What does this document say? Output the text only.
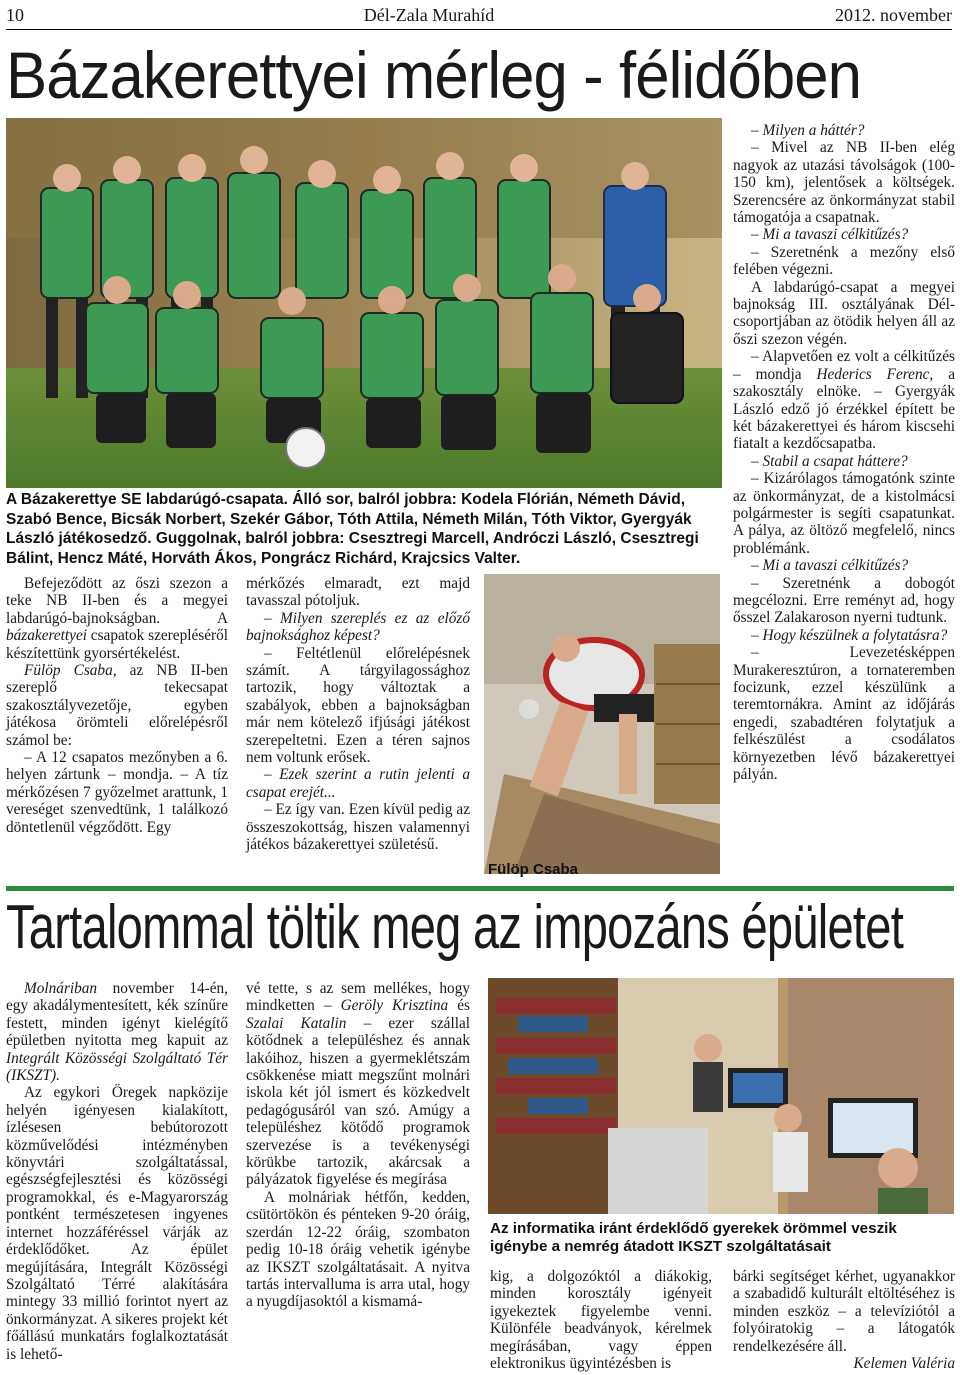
10	Dél-Zala Murahíd	2012. november
Bázakerettyei mérleg - félidőben
A Bázakerettye SE labdarúgó-csapata. Álló sor, balról jobbra: Kodela Flórián, Németh Dávid, Szabó Bence, Bicsák Norbert, Szekér Gábor, Tóth Attila, Németh Milán, Tóth Viktor, Gyergyák László játékosedző. Guggolnak, balról jobbra: Csesztregi Marcell, Andróczi László, Csesztregi Bálint, Hencz Máté, Horváth Ákos, Pongrácz Richárd, Krajcsics Valter.

Befejeződött az őszi szezon a teke NB II-ben és a megyei labdarúgó-bajnokságban. A bázakerettyei csapatok szerepléséről készítettünk gyorsértékelést.

Fülöp Csaba, az NB II-ben szereplő tekecsapat szakosztályvezetője, egyben játékosa örömteli előrelépésről számol be:

– A 12 csapatos mezőnyben a 6. helyen zártunk – mondja. – A tíz mérkőzésen 7 győzelmet arattunk, 1 vereséget szenvedtünk, 1 találkozó döntetlenül végződött. Egy

mérkőzés elmaradt, ezt majd tavasszal pótoljuk.

– Milyen szereplés ez az előző bajnoksághoz képest?

– Feltétlenül előrelépésnek számít. A tárgyilagossághoz tartozik, hogy változtak a szabályok, ebben a bajnokságban már nem kötelező ifjúsági játékost szerepeltetni. Ezen a téren sajnos nem voltunk erősek.

– Ezek szerint a rutin jelenti a csapat erejét...

– Ez így van. Ezen kívül pedig az összeszokottság, hiszen valamennyi játékos bázakerettyei születésű.

Fülöp Csaba

– Milyen a háttér?

– Mivel az NB II-ben elég nagyok az utazási távolságok (100-150 km), jelentősek a költségek. Szerencsére az önkormányzat stabil támogatója a csapatnak.

– Mi a tavaszi célkitűzés?

– Szeretnénk a mezőny első felében végezni.

A labdarúgó-csapat a megyei bajnokság III. osztályának Dél-csoportjában az ötödik helyen áll az őszi szezon végén.

– Alapvetően ez volt a célkitűzés – mondja Hederics Ferenc, a szakosztály elnöke. – Gyergyák László edző jó érzékkel épített be két bázakerettyei és három kiscsehi fiatalt a kezdőcsapatba.

– Stabil a csapat háttere?

– Kizárólagos támogatónk szinte az önkormányzat, de a kistolmácsi polgármester is segíti csapatunkat. A pálya, az öltöző megfelelő, nincs problémánk.

– Mi a tavaszi célkitűzés?

– Szeretnénk a dobogót megcélozni. Erre reményt ad, hogy ősszel Zalakaroson nyerni tudtunk.

– Hogy készülnek a folytatásra?

– Levezetésképpen Murakeresztúron, a tornateremben focizunk, ezzel készülünk a teremtornákra. Amint az időjárás engedi, szabadtéren folytatjuk a felkészülést a csodálatos környezetben lévő bázakerettyei pályán.

Tartalommal töltik meg az impozáns épületet

Molnáriban november 14-én, egy akadálymentesített, kék színűre festett, minden igényt kielégítő épületben nyitotta meg kapuit az Integrált Közösségi Szolgáltató Tér (IKSZT).

Az egykori Öregek napközije helyén igényesen kialakított, ízlésesen bebútorozott közművelődési intézményben könyvtári szolgáltatással, egészségfejlesztési és közösségi programokkal, és e-Magyarország pontként természetesen ingyenes internet hozzáféréssel várják az érdeklődőket. Az épület megújítására, Integrált Közösségi Szolgáltató Térré alakítására mintegy 33 millió forintot nyert az önkormányzat. A sikeres projekt két főállású munkatárs foglalkoztatását is lehető-

vé tette, s az sem mellékes, hogy mindketten – Geröly Krisztina és Szalai Katalin – ezer szállal kötődnek a településhez és annak lakóihoz, hiszen a gyermeklétszám csökkenése miatt megszűnt molnári iskola két jól ismert és közkedvelt pedagógusáról van szó. Amúgy a településhez kötődő programok szervezése is a tevékenységi körükbe tartozik, akárcsak a pályázatok figyelése és megírása

A molnáriak hétfőn, kedden, csütörtökön és pénteken 9-20 óráig, szerdán 12-22 óráig, szombaton pedig 10-18 óráig vehetik igénybe az IKSZT szolgáltatásait. A nyitva tartás intervalluma is arra utal, hogy a nyugdíjasoktól a kismamá-

Az informatika iránt érdeklődő gyerekek örömmel veszik igénybe a nemrég átadott IKSZT szolgáltatásait

kig, a dolgozóktól a diákokig, minden korosztály igényeit igyekeztek figyelembe venni. Különféle beadványok, kérelmek megírásában, vagy éppen elektronikus ügyintézésben is

bárki segítséget kérhet, ugyanakkor a szabadidő kulturált eltöltéséhez is minden eszköz – a televíziótól a folyóiratokig – a látogatók rendelkezésére áll.

Kelemen Valéria
